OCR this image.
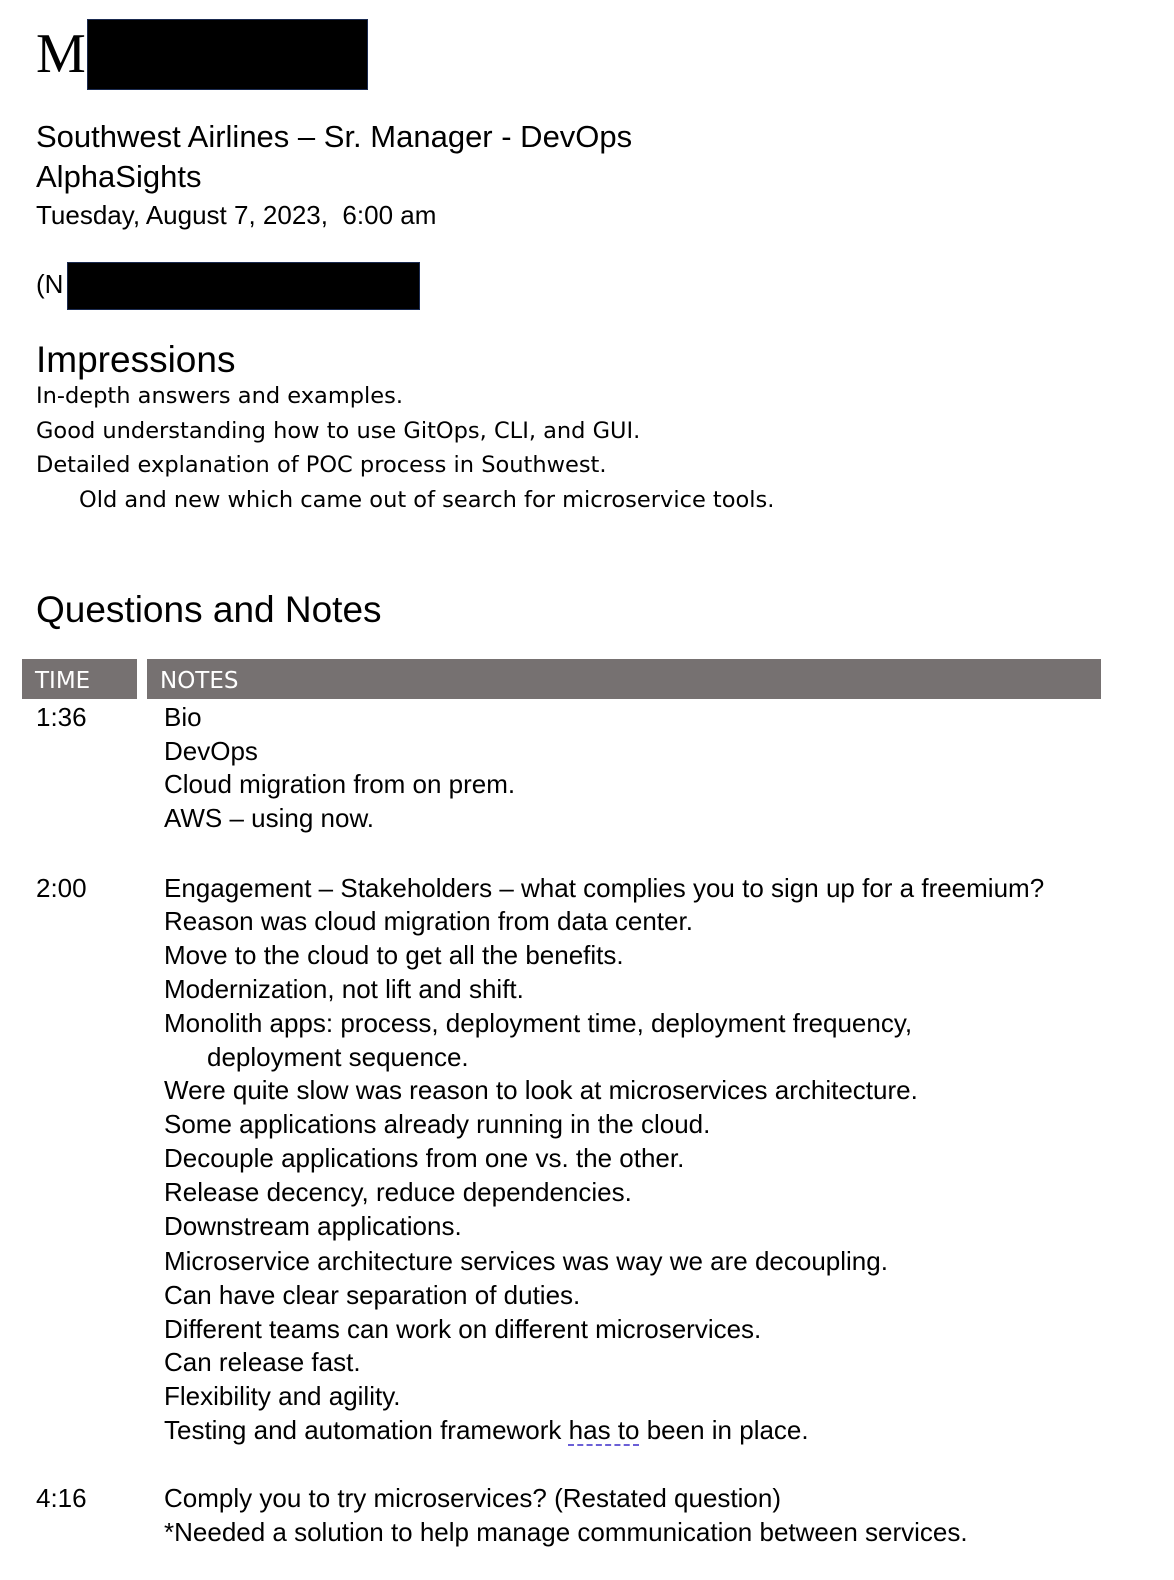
M
Southwest Airlines – Sr. Manager - DevOps
AlphaSights
Tuesday, August 7, 2023,  6:00 am
(N
Impressions
In-depth answers and examples.
Good understanding how to use GitOps, CLI, and GUI.
Detailed explanation of POC process in Southwest.
Old and new which came out of search for microservice tools.
Questions and Notes
TIME	NOTES
1:36	Bio
DevOps
Cloud migration from on prem.
AWS – using now.
2:00	Engagement – Stakeholders – what complies you to sign up for a freemium?
Reason was cloud migration from data center.
Move to the cloud to get all the benefits.
Modernization, not lift and shift.
Monolith apps: process, deployment time, deployment frequency,
deployment sequence.
Were quite slow was reason to look at microservices architecture.
Some applications already running in the cloud.
Decouple applications from one vs. the other.
Release decency, reduce dependencies.
Downstream applications.
Microservice architecture services was way we are decoupling.
Can have clear separation of duties.
Different teams can work on different microservices.
Can release fast.
Flexibility and agility.
Testing and automation framework has to been in place.
4:16	Comply you to try microservices? (Restated question)
*Needed a solution to help manage communication between services.
